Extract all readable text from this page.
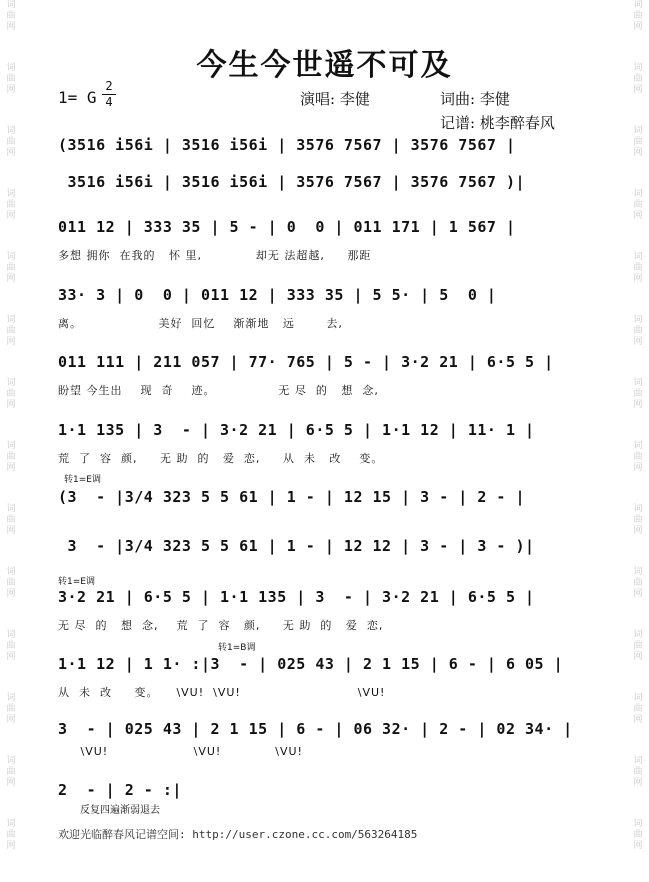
词
曲
网
词
曲
网
词
曲
网
词
曲
网
词
曲
网
词
曲
网
词
曲
网
词
曲
网
词
曲
网
词
曲
网
词
曲
网
词
曲
网
词
曲
网
词
曲
网
词
曲
网
词
曲
网
词
曲
网
词
曲
网
词
曲
网
词
曲
网
词
曲
网
词
曲
网
词
曲
网
词
曲
网
词
曲
网
词
曲
网
词
曲
网
词
曲
网
今生今世遥不可及
1= G
2
4	演唱: 李健	词曲: 李健
记谱: 桃李醉春风
(3516 i56i | 3516 i56i | 3576 7567 | 3576 7567 |
3516 i56i | 3516 i56i | 3576 7567 | 3576 7567 )|
011 12 | 333 35 | 5 - | 0  0 | 011 171 | 1 567 |
多想 拥你  在我的   怀 里,            却无 法超越,     那距
33· 3 | 0  0 | 011 12 | 333 35 | 5 5· | 5  0 |
离。                 美好  回忆    渐渐地   远       去,
011 111 | 211 057 | 77· 765 | 5 - | 3·2 21 | 6·5 5 |
盼望 今生出    现  奇    迹。              无 尽  的   想  念,
1·1 135 | 3  - | 3·2 21 | 6·5 5 | 1·1 12 | 11· 1 |
荒  了  容  颜,     无 助  的   爱  恋,     从  未   改    变。
转1=E调
(3  - |3/4 323 5 5 61 | 1 - | 12 15 | 3 - | 2 - |
3  - |3/4 323 5 5 61 | 1 - | 12 12 | 3 - | 3 - )|
转1=E调
3·2 21 | 6·5 5 | 1·1 135 | 3  - | 3·2 21 | 6·5 5 |
无 尽  的   想  念,    荒  了  容   颜,     无 助  的   爱  恋,
转1=B调
1·1 12 | 1 1· :|3  - | 025 43 | 2 1 15 | 6 - | 6 05 |
从  未  改     变。    \VU!  \VU!                          \VU!
3  - | 025 43 | 2 1 15 | 6 - | 06 32· | 2 - | 02 34· |
\VU!                   \VU!            \VU!
2  - | 2 - :|
反复四遍渐弱退去
欢迎光临醉春风记谱空间: http://user.czone.cc.com/563264185
